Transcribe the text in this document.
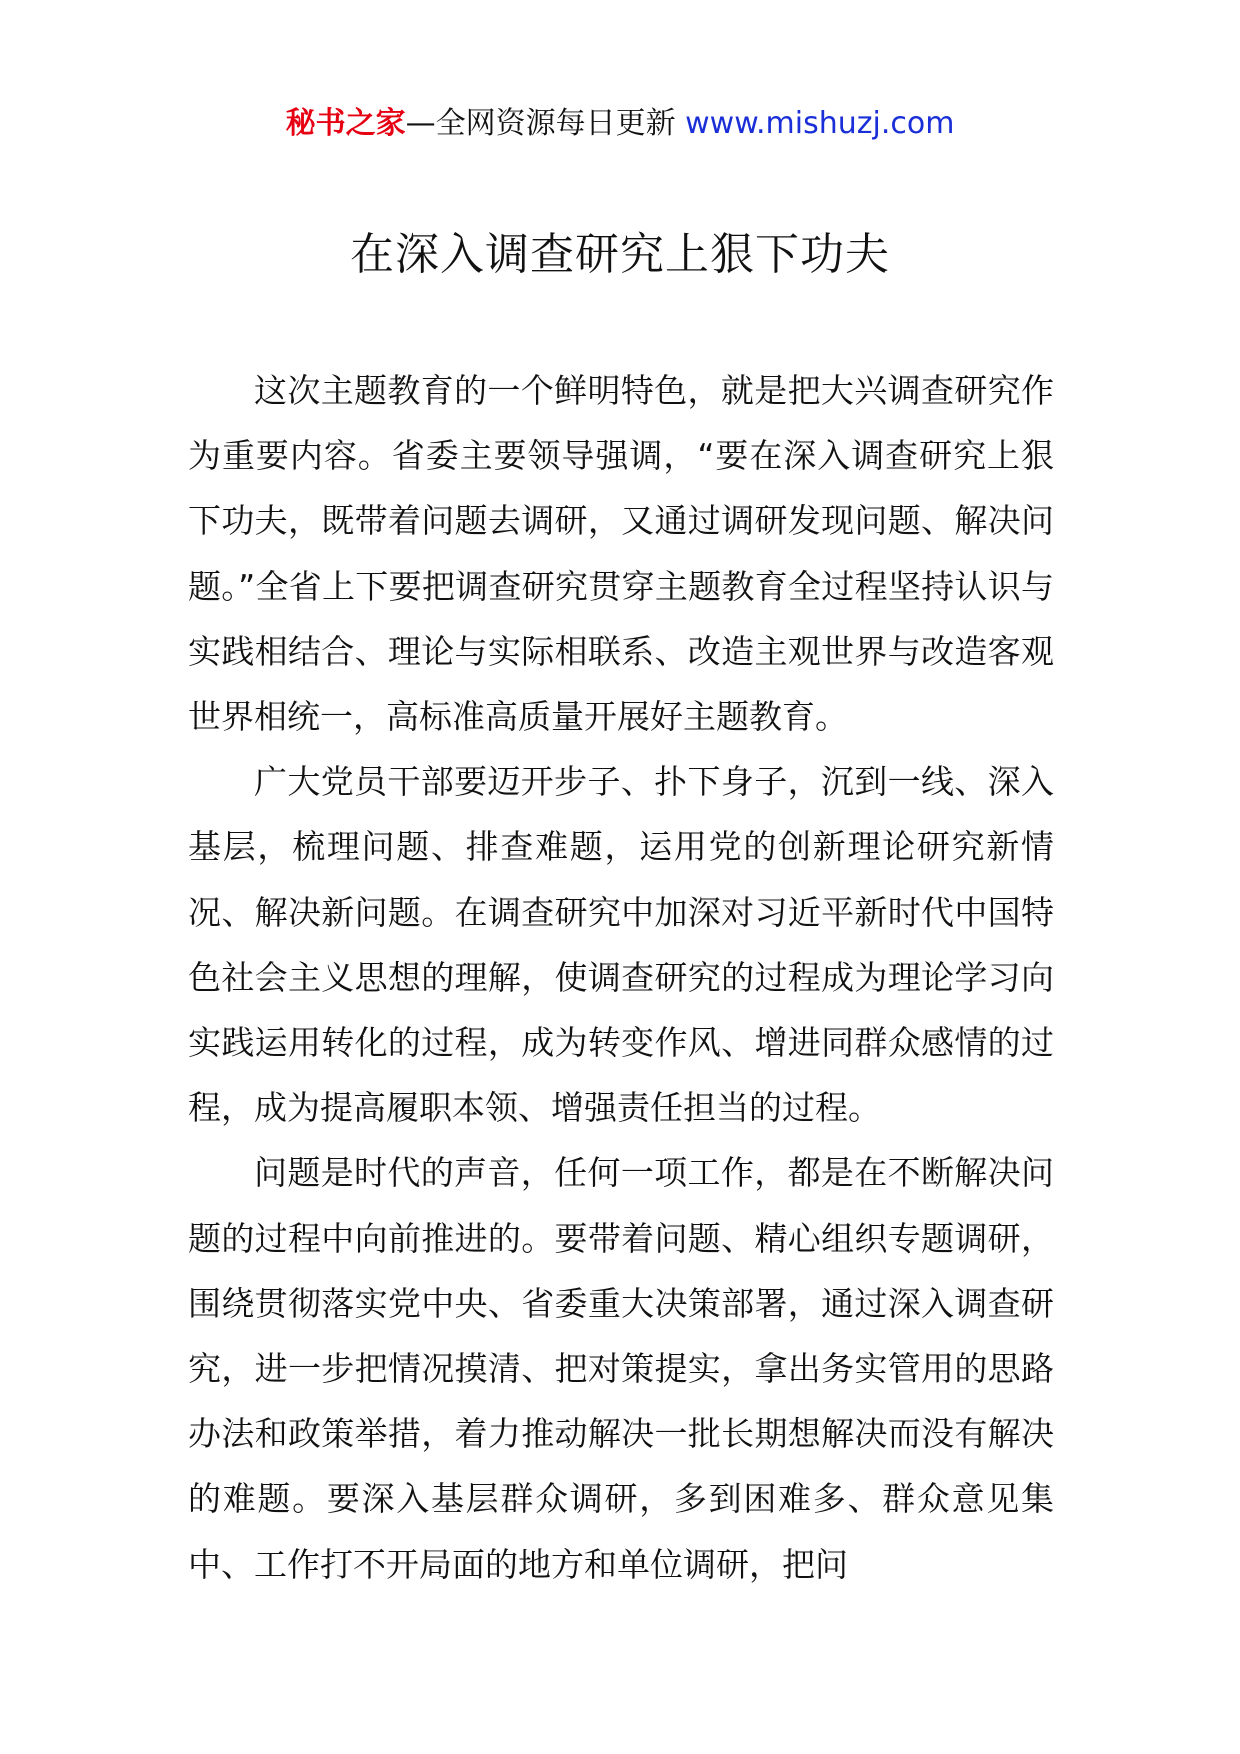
秘书之家—全网资源每日更新 www.mishuzj.com
在深入调查研究上狠下功夫

这次主题教育的一个鲜明特色，就是把大兴调查研究作为重要内容。省委主要领导强调，“要在深入调查研究上狠下功夫，既带着问题去调研，又通过调研发现问题、解决问题。”全省上下要把调查研究贯穿主题教育全过程坚持认识与实践相结合、理论与实际相联系、改造主观世界与改造客观世界相统一，高标准高质量开展好主题教育。

广大党员干部要迈开步子、扑下身子，沉到一线、深入基层，梳理问题、排查难题，运用党的创新理论研究新情况、解决新问题。在调查研究中加深对习近平新时代中国特色社会主义思想的理解，使调查研究的过程成为理论学习向实践运用转化的过程，成为转变作风、增进同群众感情的过程，成为提高履职本领、增强责任担当的过程。

问题是时代的声音，任何一项工作，都是在不断解决问题的过程中向前推进的。要带着问题、精心组织专题调研，围绕贯彻落实党中央、省委重大决策部署，通过深入调查研究，进一步把情况摸清、把对策提实，拿出务实管用的思路办法和政策举措，着力推动解决一批长期想解决而没有解决的难题。要深入基层群众调研，多到困难多、群众意见集中、工作打不开局面的地方和单位调研，把问
